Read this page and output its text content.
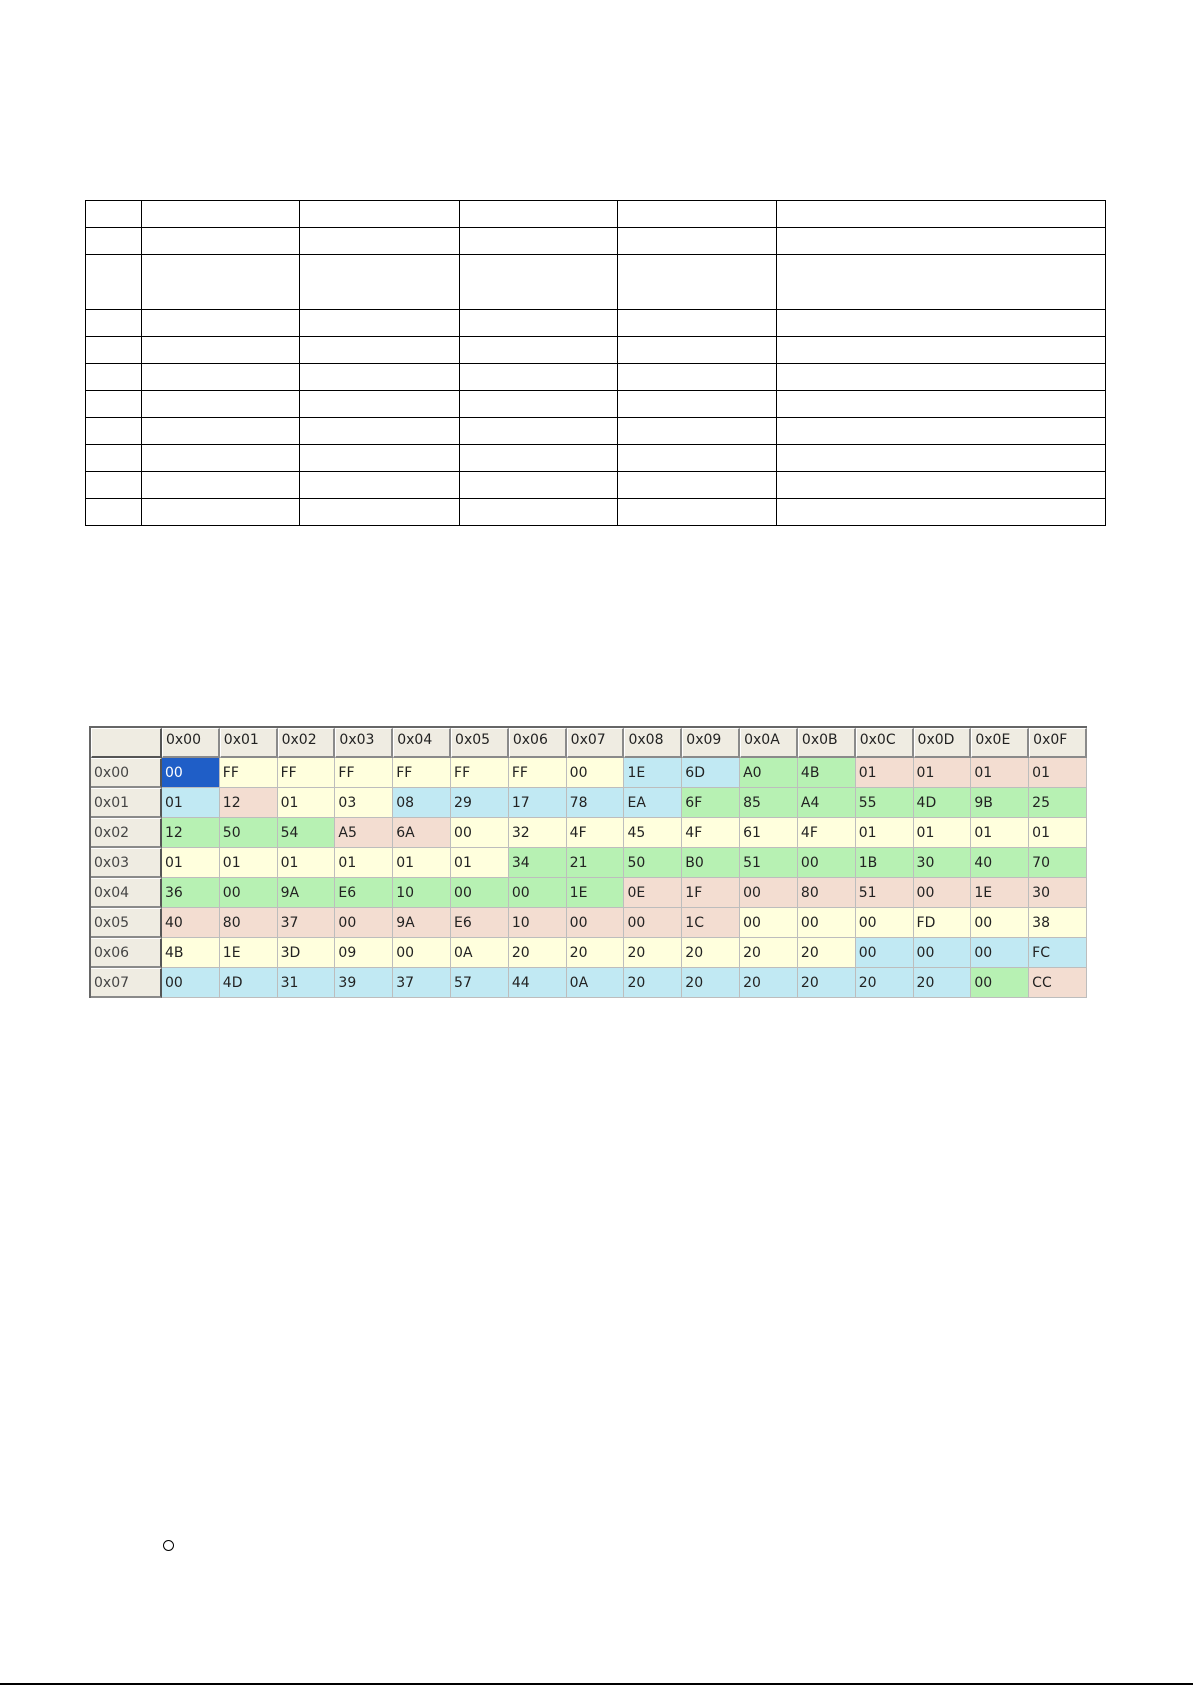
	0x00	0x01	0x02	0x03	0x04	0x05	0x06	0x07	0x08	0x09	0x0A	0x0B	0x0C	0x0D	0x0E	0x0F
0x00	00	FF	FF	FF	FF	FF	FF	00	1E	6D	A0	4B	01	01	01	01
0x01	01	12	01	03	08	29	17	78	EA	6F	85	A4	55	4D	9B	25
0x02	12	50	54	A5	6A	00	32	4F	45	4F	61	4F	01	01	01	01
0x03	01	01	01	01	01	01	34	21	50	B0	51	00	1B	30	40	70
0x04	36	00	9A	E6	10	00	00	1E	0E	1F	00	80	51	00	1E	30
0x05	40	80	37	00	9A	E6	10	00	00	1C	00	00	00	FD	00	38
0x06	4B	1E	3D	09	00	0A	20	20	20	20	20	20	00	00	00	FC
0x07	00	4D	31	39	37	57	44	0A	20	20	20	20	20	20	00	CC
